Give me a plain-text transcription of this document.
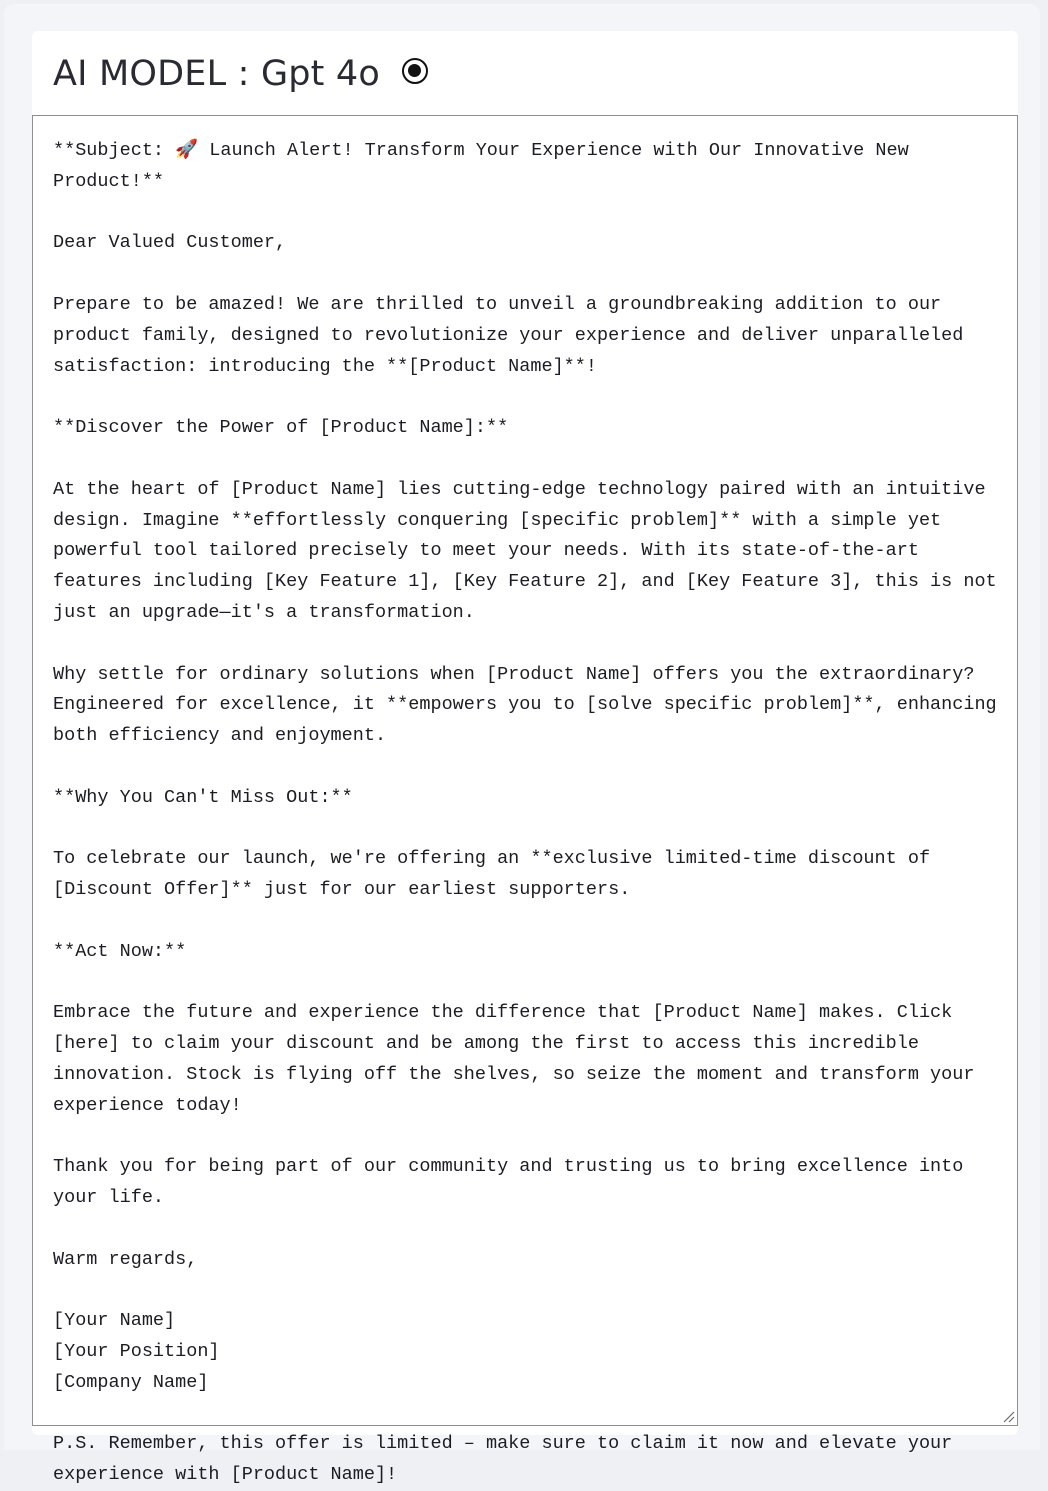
AI MODEL : Gpt 4o
**Subject: 🚀 Launch Alert! Transform Your Experience with Our Innovative New Product!**

Dear Valued Customer,

Prepare to be amazed! We are thrilled to unveil a groundbreaking addition to our product family, designed to revolutionize your experience and deliver unparalleled satisfaction: introducing the **[Product Name]**!

**Discover the Power of [Product Name]:**

At the heart of [Product Name] lies cutting-edge technology paired with an intuitive design. Imagine **effortlessly conquering [specific problem]** with a simple yet powerful tool tailored precisely to meet your needs. With its state-of-the-art features including [Key Feature 1], [Key Feature 2], and [Key Feature 3], this is not just an upgrade—it's a transformation.

Why settle for ordinary solutions when [Product Name] offers you the extraordinary? Engineered for excellence, it **empowers you to [solve specific problem]**, enhancing both efficiency and enjoyment.

**Why You Can't Miss Out:**

To celebrate our launch, we're offering an **exclusive limited-time discount of [Discount Offer]** just for our earliest supporters.

**Act Now:**

Embrace the future and experience the difference that [Product Name] makes. Click [here] to claim your discount and be among the first to access this incredible innovation. Stock is flying off the shelves, so seize the moment and transform your experience today!

Thank you for being part of our community and trusting us to bring excellence into your life.

Warm regards,

[Your Name]
[Your Position]
[Company Name]

P.S. Remember, this offer is limited – make sure to claim it now and elevate your experience with [Product Name]!
